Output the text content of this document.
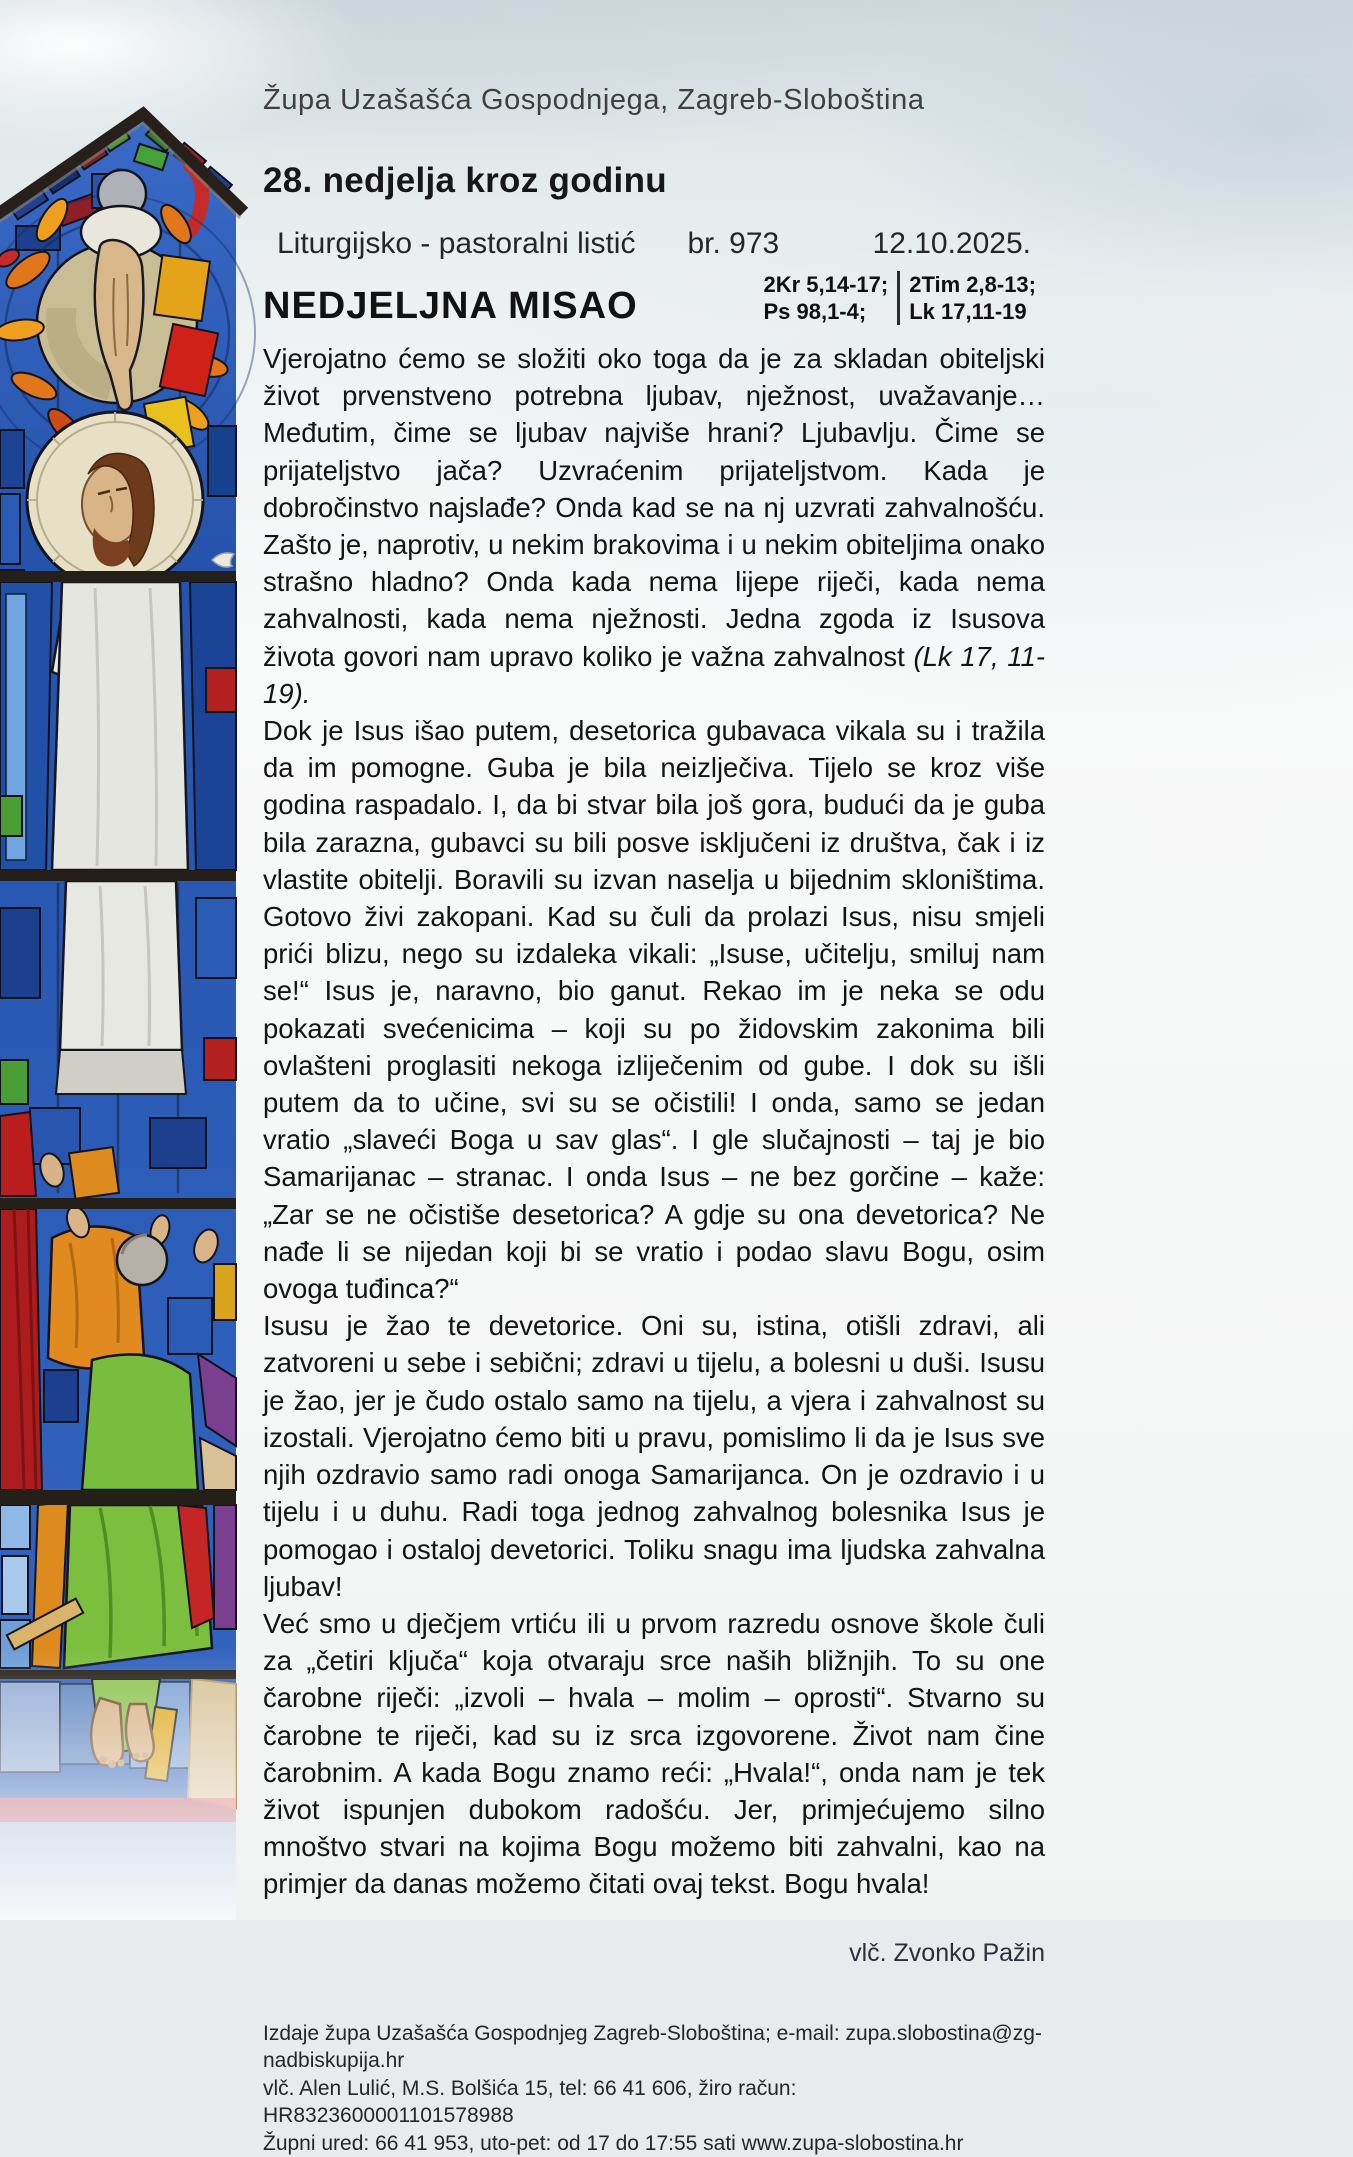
Župa Uzašašća Gospodnjega, Zagreb-Sloboština
28. nedjelja kroz godinu
Liturgijsko - pastoralni listić br. 973	12.10.2025.
NEDJELJNA MISAO
2Kr 5,14-17;
Ps 98,1-4;
2Tim 2,8-13;
Lk 17,11-19

Vjerojatno ćemo se složiti oko toga da je za skladan obiteljski život prvenstveno potrebna ljubav, nježnost, uvažavanje… Međutim, čime se ljubav najviše hrani? Ljubavlju. Čime se prijateljstvo jača? Uzvraćenim prijateljstvom. Kada je dobročinstvo najslađe? Onda kad se na nj uzvrati zahvalnošću. Zašto je, naprotiv, u nekim brakovima i u nekim obiteljima onako strašno hladno? Onda kada nema lijepe riječi, kada nema zahvalnosti, kada nema nježnosti. Jedna zgoda iz Isusova života govori nam upravo koliko je važna zahvalnost (Lk 17, 11-19).

Dok je Isus išao putem, desetorica gubavaca vikala su i tražila da im pomogne. Guba je bila neizlječiva. Tijelo se kroz više godina raspadalo. I, da bi stvar bila još gora, budući da je guba bila zarazna, gubavci su bili posve isključeni iz društva, čak i iz vlastite obitelji. Boravili su izvan naselja u bijednim skloništima. Gotovo živi zakopani. Kad su čuli da prolazi Isus, nisu smjeli prići blizu, nego su izdaleka vikali: „Isuse, učitelju, smiluj nam se!“ Isus je, naravno, bio ganut. Rekao im je neka se odu pokazati svećenicima – koji su po židovskim zakonima bili ovlašteni proglasiti nekoga izliječenim od gube. I dok su išli putem da to učine, svi su se očistili! I onda, samo se jedan vratio „slaveći Boga u sav glas“. I gle slučajnosti – taj je bio Samarijanac – stranac. I onda Isus – ne bez gorčine – kaže: „Zar se ne očistiše desetorica? A gdje su ona devetorica? Ne nađe li se nijedan koji bi se vratio i podao slavu Bogu, osim ovoga tuđinca?“

Isusu je žao te devetorice. Oni su, istina, otišli zdravi, ali zatvoreni u sebe i sebični; zdravi u tijelu, a bolesni u duši. Isusu je žao, jer je čudo ostalo samo na tijelu, a vjera i zahvalnost su izostali. Vjerojatno ćemo biti u pravu, pomislimo li da je Isus sve njih ozdravio samo radi onoga Samarijanca. On je ozdravio i u tijelu i u duhu. Radi toga jednog zahvalnog bolesnika Isus je pomogao i ostaloj devetorici. Toliku snagu ima ljudska zahvalna ljubav!

Već smo u dječjem vrtiću ili u prvom razredu osnove škole čuli za „četiri ključa“ koja otvaraju srce naših bližnjih. To su one čarobne riječi: „izvoli – hvala – molim – oprosti“. Stvarno su čarobne te riječi, kad su iz srca izgovorene. Život nam čine čarobnim. A kada Bogu znamo reći: „Hvala!“, onda nam je tek život ispunjen dubokom radošću. Jer, primjećujemo silno mnoštvo stvari na kojima Bogu možemo biti zahvalni, kao na primjer da danas možemo čitati ovaj tekst. Bogu hvala!

vlč. Zvonko Pažin
Izdaje župa Uzašašća Gospodnjeg Zagreb-Sloboština; e-mail: zupa.slobostina@zg-nadbiskupija.hr
vlč. Alen Lulić, M.S. Bolšića 15, tel: 66 41 606, žiro račun: HR8323600001101578988
Župni ured: 66 41 953, uto-pet: od 17 do 17:55 sati www.zupa-slobostina.hr
